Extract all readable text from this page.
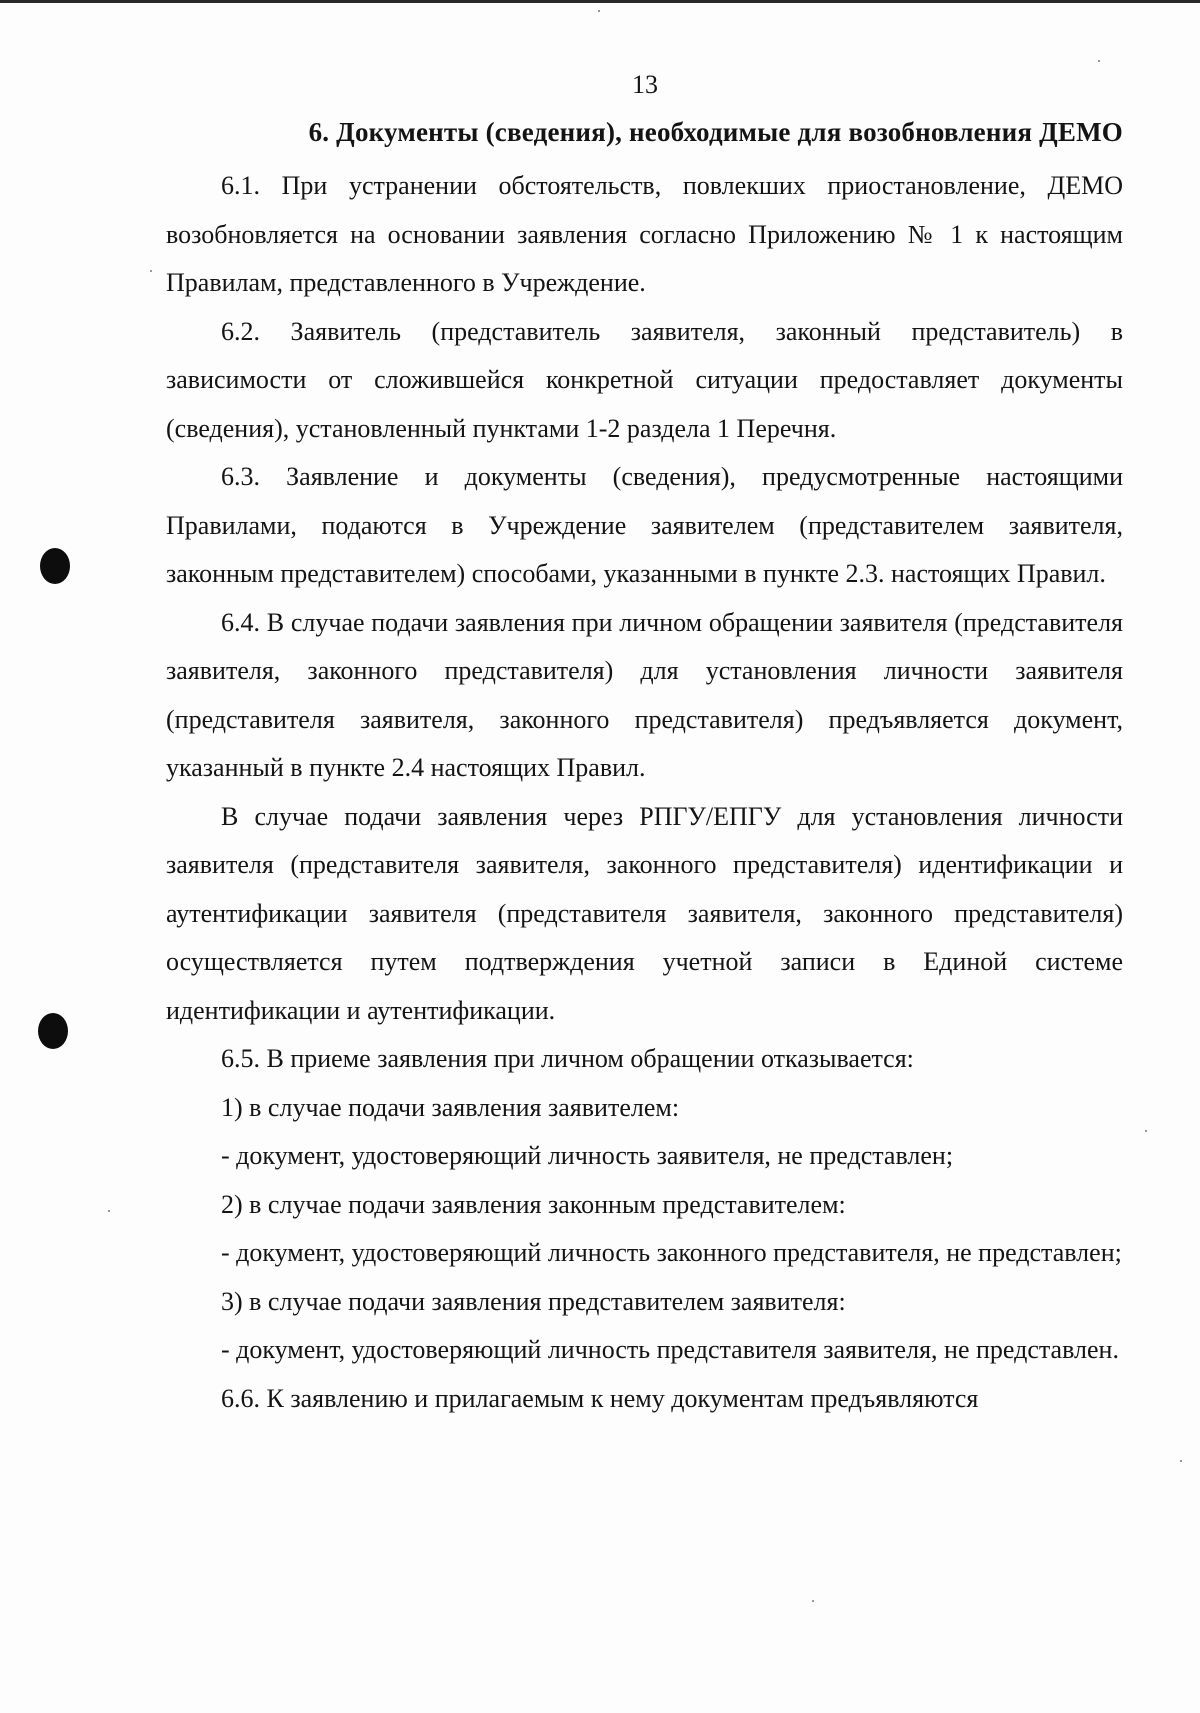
13
6. Документы (сведения), необходимые для возобновления ДЕМО

6.1. При устранении обстоятельств, повлекших приостановление, ДЕМО возобновляется на основании заявления согласно Приложению № 1 к настоящим Правилам, представленного в Учреждение.

6.2. Заявитель (представитель заявителя, законный представитель) в зависимости от сложившейся конкретной ситуации предоставляет документы (сведения), установленный пунктами 1-2 раздела 1 Перечня.

6.3. Заявление и документы (сведения), предусмотренные настоящими Правилами, подаются в Учреждение заявителем (представителем заявителя, законным представителем) способами, указанными в пункте 2.3. настоящих Правил.

6.4. В случае подачи заявления при личном обращении заявителя (представителя заявителя, законного представителя) для установления личности заявителя (представителя заявителя, законного представителя) предъявляется документ, указанный в пункте 2.4 настоящих Правил.

В случае подачи заявления через РПГУ/ЕПГУ для установления личности заявителя (представителя заявителя, законного представителя) идентификации и аутентификации заявителя (представителя заявителя, законного представителя) осуществляется путем подтверждения учетной записи в Единой системе идентификации и аутентификации.

6.5. В приеме заявления при личном обращении отказывается:

1) в случае подачи заявления заявителем:

- документ, удостоверяющий личность заявителя, не представлен;

2) в случае подачи заявления законным представителем:

- документ, удостоверяющий личность законного представителя, не представлен;

3) в случае подачи заявления представителем заявителя:

- документ, удостоверяющий личность представителя заявителя, не представлен.

6.6. К заявлению и прилагаемым к нему документам предъявляются
